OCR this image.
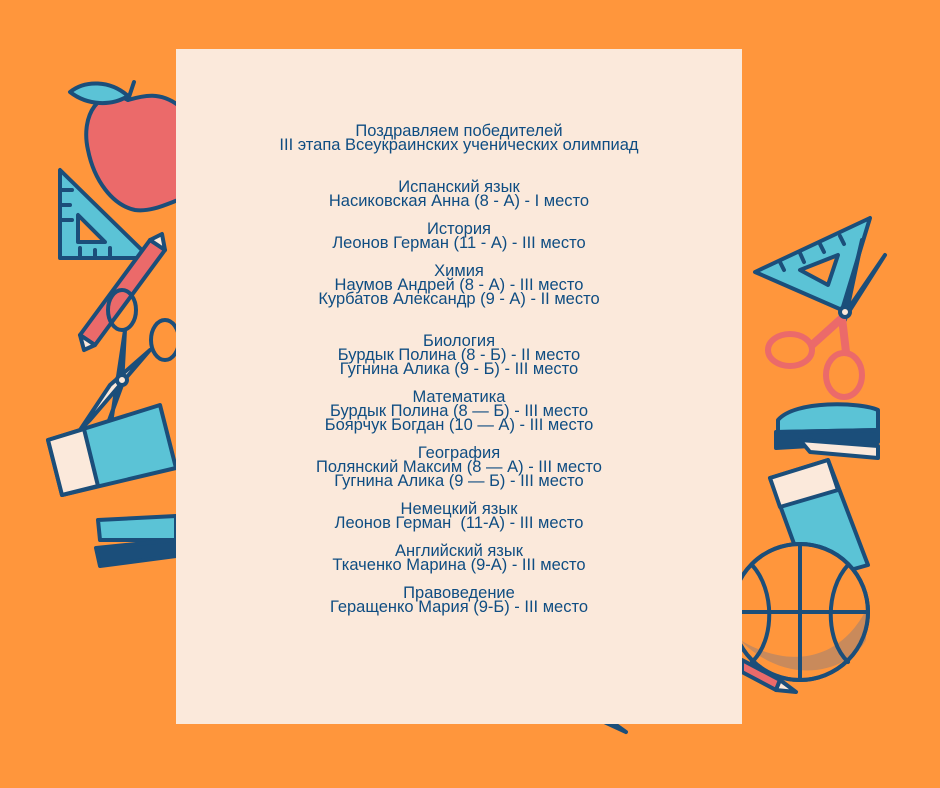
Поздравляем победителей
ІІІ этапа Всеукраинских ученических олимпиад
Испанский язык
Насиковская Анна (8 - А) - I место
История
Леонов Герман (11 - А) - III место
Химия
Наумов Андрей (8 - А) - III место
Курбатов Александр (9 - А) - II место
Биология
Бурдык Полина (8 - Б) - II место
Гугнина Алика (9 - Б) - III место
Математика
Бурдык Полина (8 — Б) - III место
Боярчук Богдан (10 — А) - III место
География
Полянский Максим (8 — А) - III место
Гугнина Алика (9 — Б) - III место
Немецкий язык
Леонов Герман  (11-А) - III место
Английский язык
Ткаченко Марина (9-А) - III место
Правоведение
Геращенко Мария (9-Б) - III место
